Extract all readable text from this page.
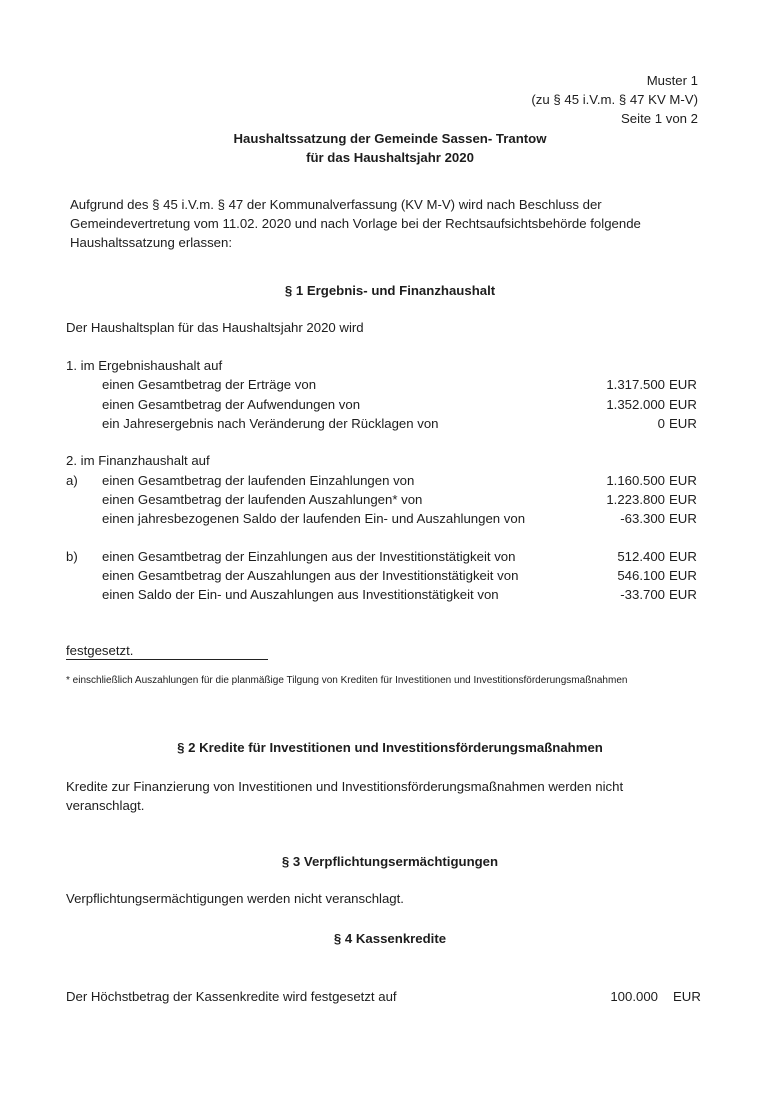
Muster 1
(zu § 45 i.V.m. § 47 KV M-V)
Seite 1 von 2
Haushaltssatzung der Gemeinde Sassen- Trantow
für das Haushaltsjahr 2020
Aufgrund des § 45 i.V.m. § 47 der Kommunalverfassung (KV M-V) wird nach Beschluss der
Gemeindevertretung vom 11.02. 2020 und nach Vorlage bei der Rechtsaufsichtsbehörde folgende
Haushaltssatzung erlassen:
§ 1 Ergebnis- und Finanzhaushalt
Der Haushaltsplan für das Haushaltsjahr 2020 wird
1. im Ergebnishaushalt auf
einen Gesamtbetrag der Erträge von	1.317.500 EUR
einen Gesamtbetrag der Aufwendungen von	1.352.000 EUR
ein Jahresergebnis nach Veränderung der Rücklagen von	0 EUR
2. im Finanzhaushalt auf
a) einen Gesamtbetrag der laufenden Einzahlungen von	1.160.500 EUR
einen Gesamtbetrag der laufenden Auszahlungen* von	1.223.800 EUR
einen jahresbezogenen Saldo der laufenden Ein- und Auszahlungen von	-63.300 EUR
b) einen Gesamtbetrag der Einzahlungen aus der Investitionstätigkeit von	512.400 EUR
einen Gesamtbetrag der Auszahlungen aus der Investitionstätigkeit von	546.100 EUR
einen Saldo der Ein- und Auszahlungen aus Investitionstätigkeit von	-33.700 EUR
festgesetzt.
* einschließlich Auszahlungen für die planmäßige Tilgung von Krediten für Investitionen und Investitionsförderungsmaßnahmen
§ 2 Kredite für Investitionen und Investitionsförderungsmaßnahmen
Kredite zur Finanzierung von Investitionen und Investitionsförderungsmaßnahmen werden nicht
veranschlagt.
§ 3 Verpflichtungsermächtigungen
Verpflichtungsermächtigungen werden nicht veranschlagt.
§ 4 Kassenkredite
Der Höchstbetrag der Kassenkredite wird festgesetzt auf	100.000 EUR
